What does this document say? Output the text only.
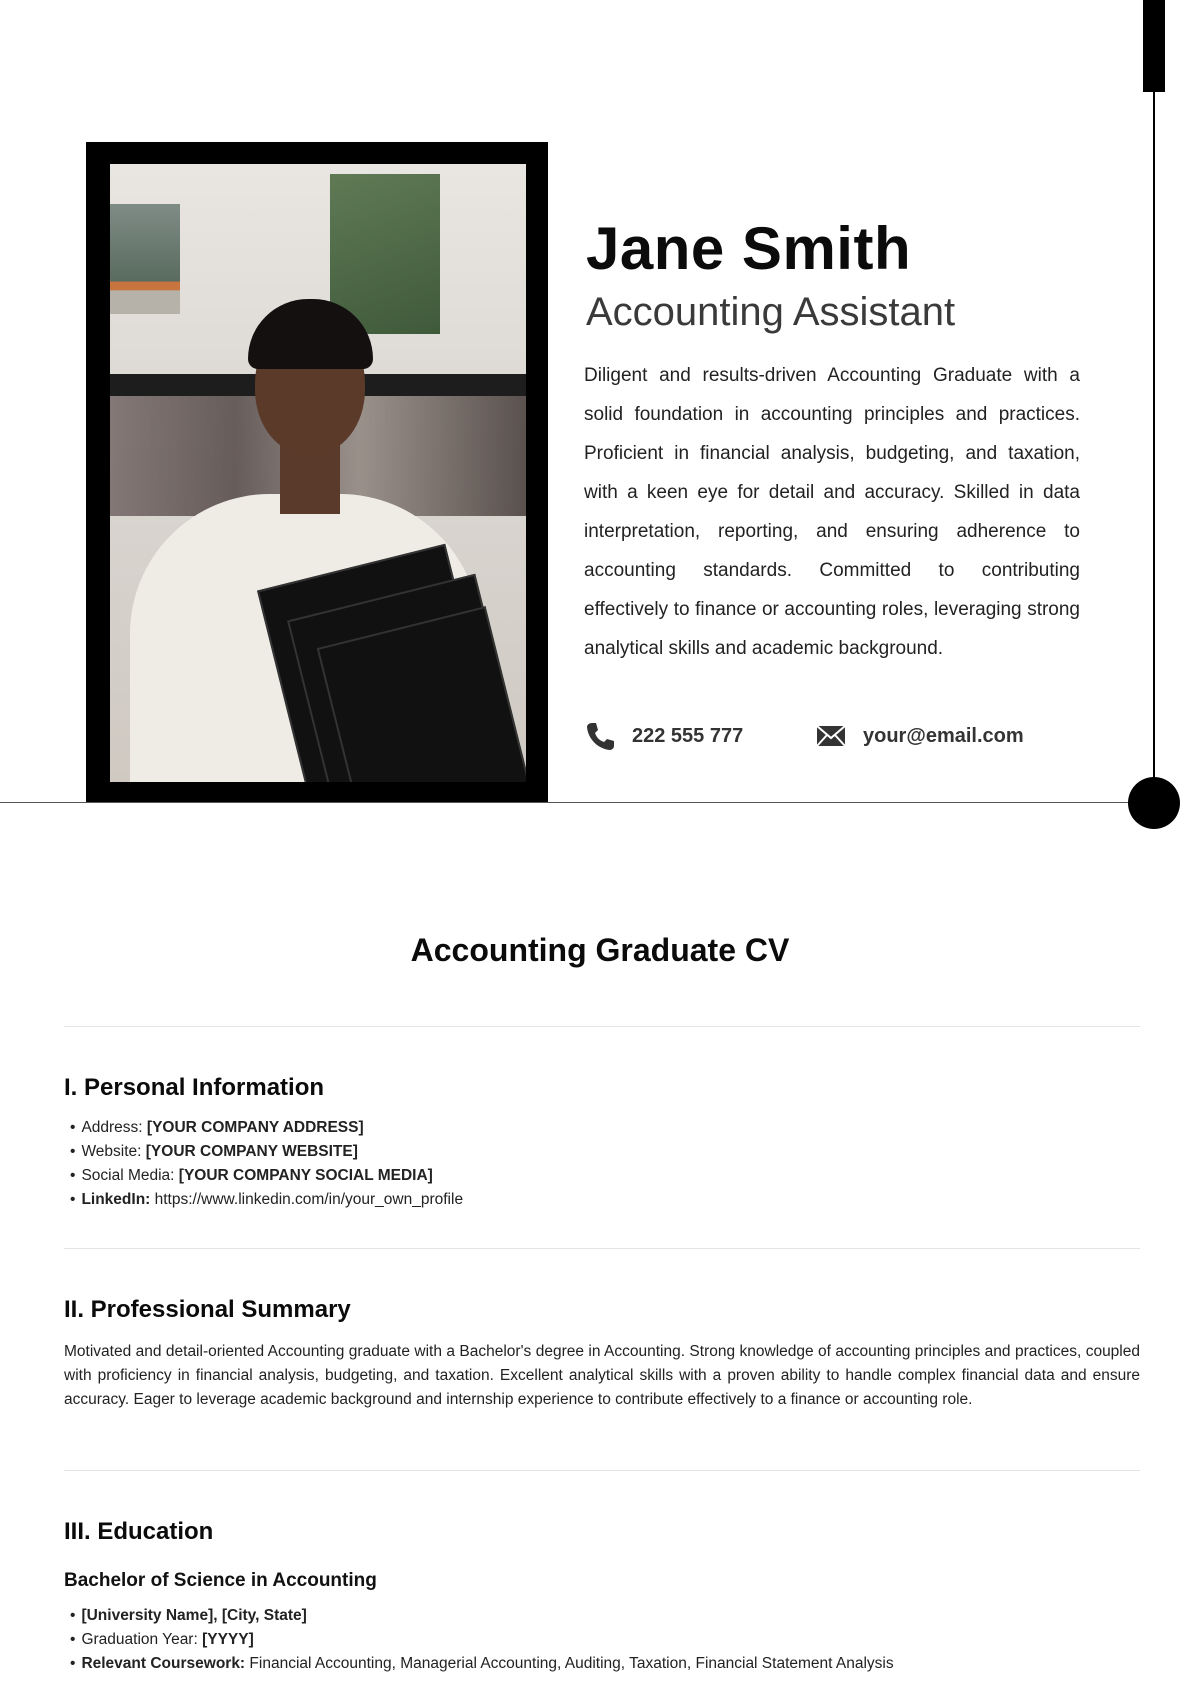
Jane Smith
Accounting Assistant

Diligent and results-driven Accounting Graduate with a solid foundation in accounting principles and practices. Proficient in financial analysis, budgeting, and taxation, with a keen eye for detail and accuracy. Skilled in data interpretation, reporting, and ensuring adherence to accounting standards. Committed to contributing effectively to finance or accounting roles, leveraging strong analytical skills and academic background.

222 555 777	your@email.com
Accounting Graduate CV
I. Personal Information
• Address: [YOUR COMPANY ADDRESS]
• Website: [YOUR COMPANY WEBSITE]
• Social Media: [YOUR COMPANY SOCIAL MEDIA]
• LinkedIn: https://www.linkedin.com/in/your_own_profile
II. Professional Summary

Motivated and detail-oriented Accounting graduate with a Bachelor's degree in Accounting. Strong knowledge of accounting principles and practices, coupled with proficiency in financial analysis, budgeting, and taxation. Excellent analytical skills with a proven ability to handle complex financial data and ensure accuracy. Eager to leverage academic background and internship experience to contribute effectively to a finance or accounting role.

III. Education
Bachelor of Science in Accounting
• [University Name], [City, State]
• Graduation Year: [YYYY]
• Relevant Coursework: Financial Accounting, Managerial Accounting, Auditing, Taxation, Financial Statement Analysis
